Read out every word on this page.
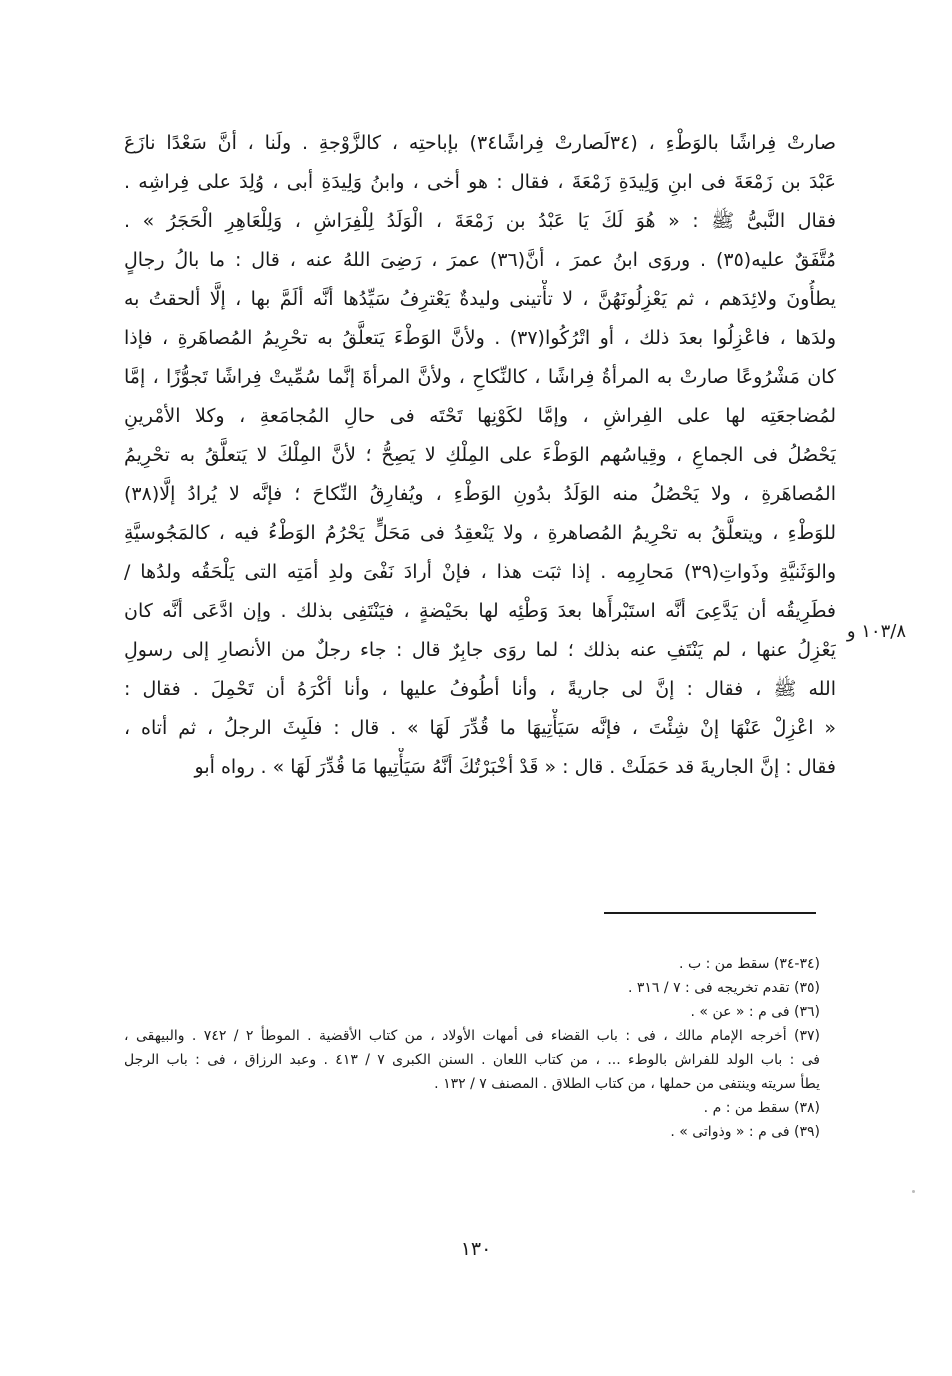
صارتْ فِراشًا بالوَطْءِ ، (٣٤لَصارتْ فِراشًا٣٤) بإباحتِه ، كالزَّوْجةِ . ولَنا ، أنَّ سَعْدًا نازَعَ
عَبْدَ بن زَمْعَةَ فى ابنِ وَلِيدَةِ زَمْعَةَ ، فقال : هو أخى ، وابنُ وَلِيدَةِ أبى ، وُلِدَ على فِراشِه .
فقال النَّبىُّ ﷺ : « هُوَ لَكَ يَا عَبْدُ بن زَمْعَةَ ، الْوَلَدُ لِلْفِرَاشِ ، وَلِلْعَاهِرِ الْحَجَرُ » .
مُتَّفَقٌ عليه(٣٥) . وروَى ابنُ عمرَ ، أنَّ(٣٦) عمرَ ، رَضِىَ اللهُ عنه ، قال : ما بالُ رجالٍ
يطأُونَ ولائِدَهم ، ثم يَعْزِلُونَهُنَّ ، لا تأْتينى وليدةٌ يَعْترِفُ سَيِّدُها أنَّه ألَمَّ بها ، إلَّا ألحقتُ به
ولدَها ، فاعْزِلُوا بعدَ ذلك ، أو اتْرُكُوا(٣٧) . ولأنَّ الوَطْءَ يَتعلَّقُ به تحْرِيمُ المُصاهَرةِ ، فإذا
كان مَشْرُوعًا صارتْ به المرأةُ فِراشًا ، كالنِّكاحِ ، ولأنَّ المرأةَ إنَّما سُمِّيتْ فِراشًا تَجوُّزًا ، إمَّا
لمُضاجعَتِه لها على الفِراشِ ، وإمَّا لكَوْنِها تَحْتَه فى حالِ المُجامَعةِ ، وكلا الأمْرينِ
يَحْصُلُ فى الجماعِ ، وقِياسُهم الوَطْءَ على المِلْكِ لا يَصِحُّ ؛ لأنَّ المِلْكَ لا يَتعلَّقُ به تحْرِيمُ
المُصاهَرةِ ، ولا يَحْصُلُ منه الوَلَدُ بدُونِ الوَطْءِ ، ويُفارِقُ النِّكاحَ ؛ فإنَّه لا يُرادُ إلَّا(٣٨)
للوَطْءِ ، ويتعلَّقُ به تحْرِيمُ المُصاهرةِ ، ولا يَنْعقِدُ فى مَحَلٍّ يَحْرُمُ الوَطْءُ فيه ، كالمَجُوسيَّةِ
والوَثَنيَّةِ وذَواتِ(٣٩) مَحارِمِه . إذا ثبَت هذا ، فإنْ أرادَ نَفْىَ ولدِ أمَتِه التى يَلْحَقُه ولدُها /
فطَرِيقُه أن يَدَّعِىَ أنَّه استَبْرأَها بعدَ وَطْئِه لها بحَيْضةٍ ، فيَنْتَفِى بذلك . وإن ادَّعَى أنَّه كان
يَعْزِلُ عنها ، لم يَنْتَفِ عنه بذلك ؛ لما روَى جابِرٌ قال : جاء رجلٌ من الأنصارِ إلى رسولِ
الله ﷺ ، فقال : إنَّ لى جاريةً ، وأنا أطُوفُ عليها ، وأنا أكْرَهُ أن تَحْمِلَ . فقال :
« اعْزِلْ عَنْهَا إنْ شِئْتَ ، فإنَّه سَيَأْتِيهَا ما قُدِّرَ لَهَا » . قال : فلَبِثَ الرجلُ ، ثم أتاه ،
فقال : إنَّ الجاريةَ قد حَمَلَتْ . قال : « قَدْ أخْبَرْتُكَ أنَّهُ سَيَأْتِيها مَا قُدِّرَ لَهَا » . رواه أبو
١٠٣/٨ و
(٣٤-٣٤) سقط من : ب .
(٣٥) تقدم تخريجه فى : ٧ / ٣١٦ .
(٣٦) فى م : « عن » .
(٣٧) أخرجه الإمام مالك ، فى : باب القضاء فى أمهات الأولاد ، من كتاب الأقضية . الموطأ ٢ / ٧٤٢ . والبيهقى ،
فى : باب الولد للفراش بالوطء ... ، من كتاب اللعان . السنن الكبرى ٧ / ٤١٣ . وعبد الرزاق ، فى : باب الرجل
يطأ سريته وينتفى من حملها ، من كتاب الطلاق . المصنف ٧ / ١٣٢ .
(٣٨) سقط من : م .
(٣٩) فى م : « وذواتى » .
١٣٠
